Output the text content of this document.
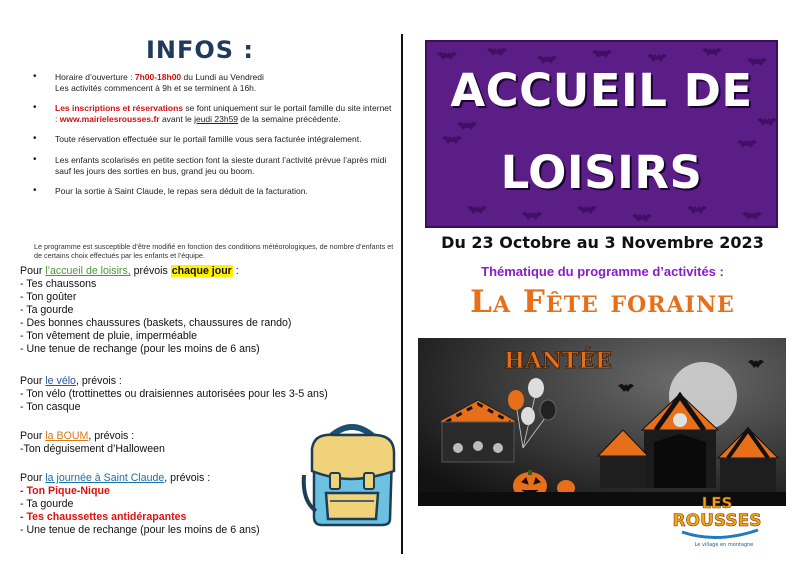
INFOS :
• Horaire d’ouverture : 7h00-18h00 du Lundi au Vendredi
Les activités commencent à 9h et se terminent à 16h.
• Les inscriptions et réservations se font uniquement sur le portail famille du site internet : www.mairielesrousses.fr avant le jeudi 23h59 de la semaine précédente.
• Toute réservation effectuée sur le portail famille vous sera facturée intégralement.
• Les enfants scolarisés en petite section font la sieste durant l’activité prévue l’après midi sauf les jours des sorties en bus, grand jeu ou boom.
• Pour la sortie à Saint Claude, le repas sera déduit de la facturation.
Le programme est susceptible d’être modifié en fonction des conditions météorologiques, de nombre d’enfants et de certains choix effectués par les enfants et l’équipe.
Pour l’accueil de loisirs, prévois chaque jour :
- Tes chaussons
- Ton goûter
- Ta gourde
- Des bonnes chaussures (baskets, chaussures de rando)
- Ton vêtement de pluie, imperméable
- Une tenue de rechange (pour les moins de 6 ans)
Pour le vélo, prévois :
- Ton vélo (trottinettes ou draisiennes autorisées pour les 3-5 ans)
- Ton casque
Pour la BOUM, prévois :
-Ton déguisement d’Halloween
Pour la journée à Saint Claude, prévois :
- Ton Pique-Nique
- Ta gourde
- Tes chaussettes antidérapantes
- Une tenue de rechange (pour les moins de 6 ans)
ACCUEIL DE
LOISIRS
Du 23 Octobre au 3 Novembre 2023
Thématique du programme d’activités :
La Fête foraine
HANTÉE
LES
ROUSSES
Le village en montagne
